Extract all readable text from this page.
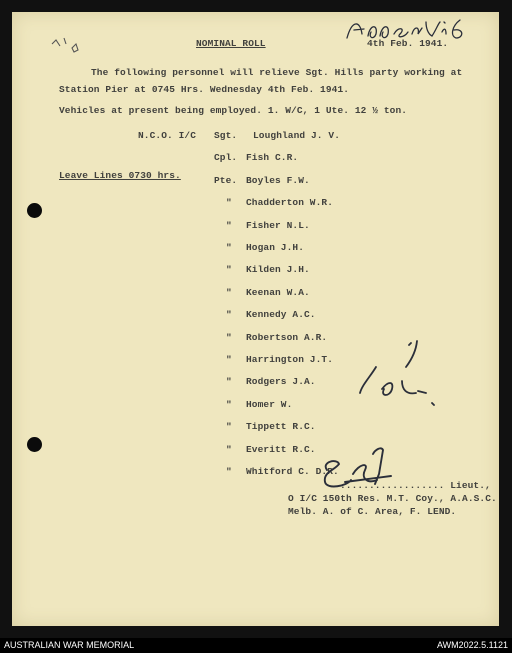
NOMINAL ROLL	4th Feb. 1941.
The following personnel will relieve Sgt. Hills party working at
Station Pier at 0745 Hrs. Wednesday 4th Feb. 1941.
Vehicles at present being employed. 1. W/C, 1 Ute. 12 ½ ton.
N.C.O. I/C
Leave Lines 0730 hrs.
Sgt. Loughland J. V.
Cpl. Fish C.R.
Pte. Boyles F.W.
" Chadderton W.R.
" Fisher N.L.
" Hogan J.H.
" Kilden J.H.
" Keenan W.A.
" Kennedy A.C.
" Robertson A.R.
" Harrington J.T.
" Rodgers J.A.
" Homer W.
" Tippett R.C.
" Everitt R.C.
" Whitford C. D.R.
.................. Lieut.,
O I/C 150th Res. M.T. Coy., A.A.S.C.
Melb. A. of C. Area, F. LEND.
AUSTRALIAN WAR MEMORIAL	AWM2022.5.1121
